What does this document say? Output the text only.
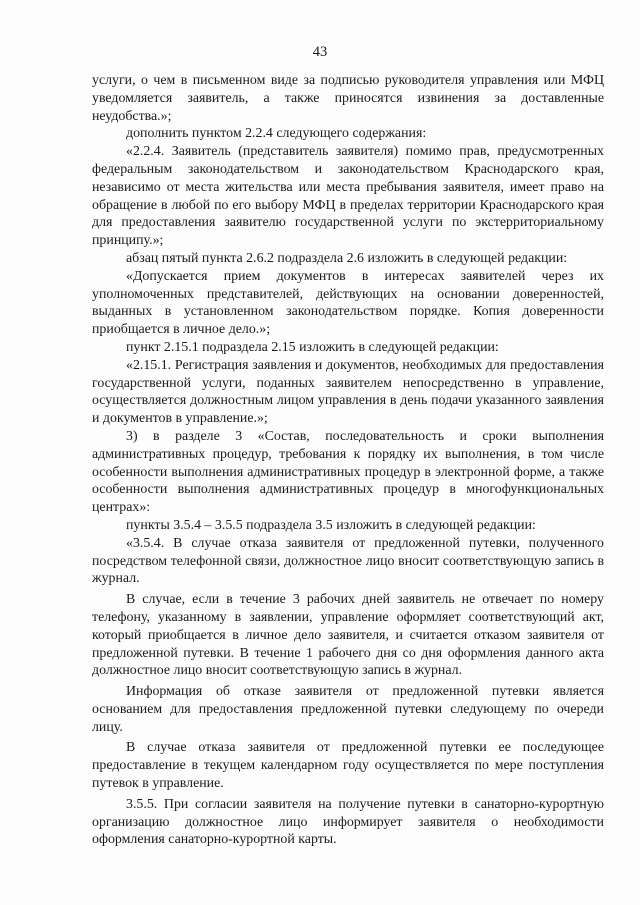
43

услуги, о чем в письменном виде за подписью руководителя управления или МФЦ уведомляется заявитель, а также приносятся извинения за доставленные неудобства.»;

дополнить пунктом 2.2.4 следующего содержания:

«2.2.4. Заявитель (представитель заявителя) помимо прав, предусмотренных федеральным законодательством и законодательством Краснодарского края, независимо от места жительства или места пребывания заявителя, имеет право на обращение в любой по его выбору МФЦ в пределах территории Краснодарского края для предоставления заявителю государственной услуги по экстерриториальному принципу.»;

абзац пятый пункта 2.6.2 подраздела 2.6 изложить в следующей редакции:

«Допускается прием документов в интересах заявителей через их уполномоченных представителей, действующих на основании доверенностей, выданных в установленном законодательством порядке. Копия доверенности приобщается в личное дело.»;

пункт 2.15.1 подраздела 2.15 изложить в следующей редакции:

«2.15.1. Регистрация заявления и документов, необходимых для предоставления государственной услуги, поданных заявителем непосредственно в управление, осуществляется должностным лицом управления в день подачи указанного заявления и документов в управление.»;

3) в разделе 3 «Состав, последовательность и сроки выполнения административных процедур, требования к порядку их выполнения, в том числе особенности выполнения административных процедур в электронной форме, а также особенности выполнения административных процедур в многофункциональных центрах»:

пункты 3.5.4 – 3.5.5 подраздела 3.5 изложить в следующей редакции:

«3.5.4. В случае отказа заявителя от предложенной путевки, полученного посредством телефонной связи, должностное лицо вносит соответствующую запись в журнал.

В случае, если в течение 3 рабочих дней заявитель не отвечает по номеру телефону, указанному в заявлении, управление оформляет соответствующий акт, который приобщается в личное дело заявителя, и считается отказом заявителя от предложенной путевки. В течение 1 рабочего дня со дня оформления данного акта должностное лицо вносит соответствующую запись в журнал.

Информация об отказе заявителя от предложенной путевки является основанием для предоставления предложенной путевки следующему по очереди лицу.

В случае отказа заявителя от предложенной путевки ее последующее предоставление в текущем календарном году осуществляется по мере поступления путевок в управление.

3.5.5. При согласии заявителя на получение путевки в санаторно-курортную организацию должностное лицо информирует заявителя о необходимости оформления санаторно-курортной карты.
